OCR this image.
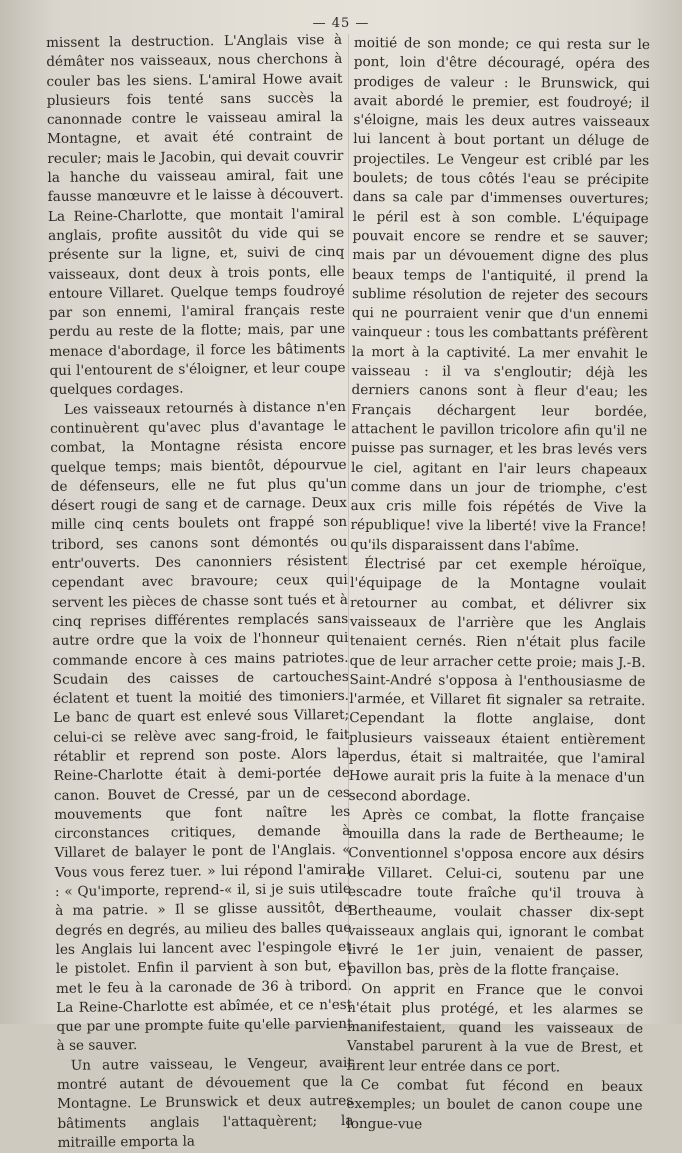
— 45 —

missent la destruction. L'Anglais vise à démâter nos vaisseaux, nous cherchons à couler bas les siens. L'amiral Howe avait plusieurs fois tenté sans succès la canonnade contre le vaisseau amiral la Montagne, et avait été contraint de reculer; mais le Jacobin, qui devait couvrir la hanche du vaisseau amiral, fait une fausse manœuvre et le laisse à découvert. La Reine-Charlotte, que montait l'amiral anglais, profite aussitôt du vide qui se présente sur la ligne, et, suivi de cinq vaisseaux, dont deux à trois ponts, elle entoure Villaret. Quelque temps foudroyé par son ennemi, l'amiral français reste perdu au reste de la flotte; mais, par une menace d'abordage, il force les bâtiments qui l'entourent de s'éloigner, et leur coupe quelques cordages.

Les vaisseaux retournés à distance n'en continuèrent qu'avec plus d'avantage le combat, la Montagne résista encore quelque temps; mais bientôt, dépourvue de défenseurs, elle ne fut plus qu'un désert rougi de sang et de carnage. Deux mille cinq cents boulets ont frappé son tribord, ses canons sont démontés ou entr'ouverts. Des canonniers résistent cependant avec bravoure; ceux qui servent les pièces de chasse sont tués et à cinq reprises différentes remplacés sans autre ordre que la voix de l'honneur qui commande encore à ces mains patriotes. Scudain des caisses de cartouches éclatent et tuent la moitié des timoniers. Le banc de quart est enlevé sous Villaret; celui-ci se relève avec sang-froid, le fait rétablir et reprend son poste. Alors la Reine-Charlotte était à demi-portée de canon. Bouvet de Cressé, par un de ces mouvements que font naître les circonstances critiques, demande à Villaret de balayer le pont de l'Anglais. « Vous vous ferez tuer. » lui répond l'amiral : « Qu'importe, reprend-« il, si je suis utile à ma patrie. » Il se glisse aussitôt, de degrés en degrés, au milieu des balles que les Anglais lui lancent avec l'espingole et le pistolet. Enfin il parvient à son but, et met le feu à la caronade de 36 à tribord. La Reine-Charlotte est abîmée, et ce n'est que par une prompte fuite qu'elle parvient à se sauver.

Un autre vaisseau, le Vengeur, avait montré autant de dévouement que la Montagne. Le Brunswick et deux autres bâtiments anglais l'attaquèrent; la mitraille emporta la

moitié de son monde; ce qui resta sur le pont, loin d'être découragé, opéra des prodiges de valeur : le Brunswick, qui avait abordé le premier, est foudroyé; il s'éloigne, mais les deux autres vaisseaux lui lancent à bout portant un déluge de projectiles. Le Vengeur est criblé par les boulets; de tous côtés l'eau se précipite dans sa cale par d'immenses ouvertures; le péril est à son comble. L'équipage pouvait encore se rendre et se sauver; mais par un dévouement digne des plus beaux temps de l'antiquité, il prend la sublime résolution de rejeter des secours qui ne pourraient venir que d'un ennemi vainqueur : tous les combattants préfèrent la mort à la captivité. La mer envahit le vaisseau : il va s'engloutir; déjà les derniers canons sont à fleur d'eau; les Français déchargent leur bordée, attachent le pavillon tricolore afin qu'il ne puisse pas surnager, et les bras levés vers le ciel, agitant en l'air leurs chapeaux comme dans un jour de triomphe, c'est aux cris mille fois répétés de Vive la république! vive la liberté! vive la France! qu'ils disparaissent dans l'abîme.

Électrisé par cet exemple héroïque, l'équipage de la Montagne voulait retourner au combat, et délivrer six vaisseaux de l'arrière que les Anglais tenaient cernés. Rien n'était plus facile que de leur arracher cette proie; mais J.-B. Saint-André s'opposa à l'enthousiasme de l'armée, et Villaret fit signaler sa retraite. Cependant la flotte anglaise, dont plusieurs vaisseaux étaient entièrement perdus, était si maltraitée, que l'amiral Howe aurait pris la fuite à la menace d'un second abordage.

Après ce combat, la flotte française mouilla dans la rade de Bertheaume; le Conventionnel s'opposa encore aux désirs de Villaret. Celui-ci, soutenu par une escadre toute fraîche qu'il trouva à Bertheaume, voulait chasser dix-sept vaisseaux anglais qui, ignorant le combat livré le 1er juin, venaient de passer, pavillon bas, près de la flotte française.

On apprit en France que le convoi n'était plus protégé, et les alarmes se manifestaient, quand les vaisseaux de Vanstabel parurent à la vue de Brest, et firent leur entrée dans ce port.

Ce combat fut fécond en beaux exemples; un boulet de canon coupe une longue-vue
